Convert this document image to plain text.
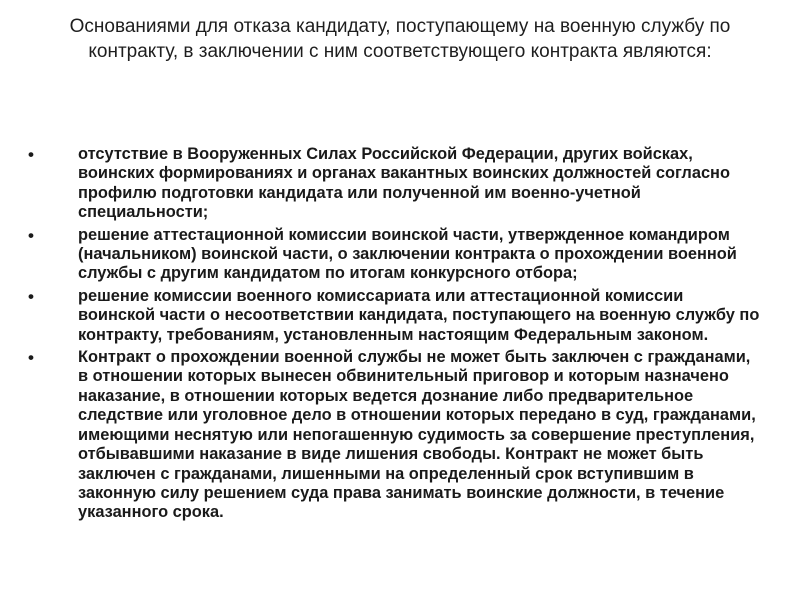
Основаниями для отказа кандидату, поступающему на военную службу по контракту, в заключении с ним соответствующего контракта являются:
• отсутствие в Вооруженных Силах Российской Федерации, других войсках, воинских формированиях и органах вакантных воинских должностей согласно профилю подготовки кандидата или полученной им военно-учетной специальности;
• решение аттестационной комиссии воинской части, утвержденное командиром (начальником) воинской части, о заключении контракта о прохождении военной службы с другим кандидатом по итогам конкурсного отбора;
• решение комиссии военного комиссариата или аттестационной комиссии воинской части о несоответствии кандидата, поступающего на военную службу по контракту, требованиям, установленным настоящим Федеральным законом.
• Контракт о прохождении военной службы не может быть заключен с гражданами, в отношении которых вынесен обвинительный приговор и которым назначено наказание, в отношении которых ведется дознание либо предварительное следствие или уголовное дело в отношении которых передано в суд, гражданами, имеющими неснятую или непогашенную судимость за совершение преступления, отбывавшими наказание в виде лишения свободы. Контракт не может быть заключен с гражданами, лишенными на определенный срок вступившим в законную силу решением суда права занимать воинские должности, в течение указанного срока.
